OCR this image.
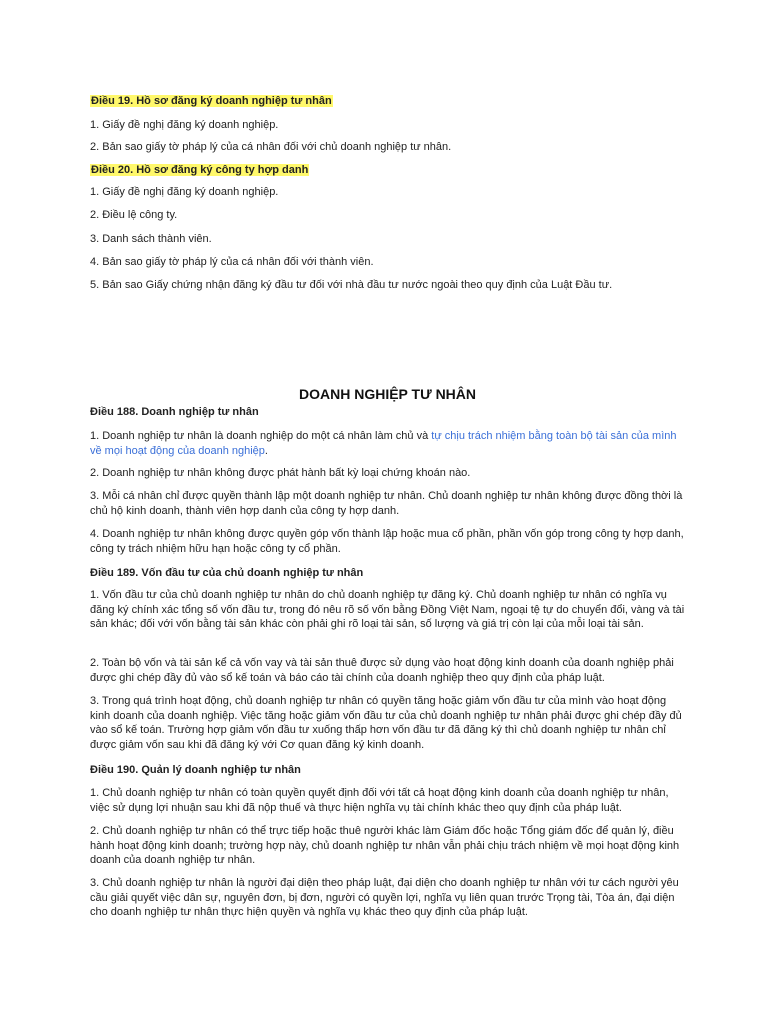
Điều 19. Hồ sơ đăng ký doanh nghiệp tư nhân
1. Giấy đề nghị đăng ký doanh nghiệp.
2. Bản sao giấy tờ pháp lý của cá nhân đối với chủ doanh nghiệp tư nhân.
Điều 20. Hồ sơ đăng ký công ty hợp danh
1. Giấy đề nghị đăng ký doanh nghiệp.
2. Điều lệ công ty.
3. Danh sách thành viên.
4. Bản sao giấy tờ pháp lý của cá nhân đối với thành viên.
5. Bản sao Giấy chứng nhận đăng ký đầu tư đối với nhà đầu tư nước ngoài theo quy định của Luật Đầu tư.
DOANH NGHIỆP TƯ NHÂN
Điều 188. Doanh nghiệp tư nhân
1. Doanh nghiệp tư nhân là doanh nghiệp do một cá nhân làm chủ và tự chịu trách nhiệm bằng toàn bộ tài sản của mình về mọi hoạt động của doanh nghiệp.
2. Doanh nghiệp tư nhân không được phát hành bất kỳ loại chứng khoán nào.
3. Mỗi cá nhân chỉ được quyền thành lập một doanh nghiệp tư nhân. Chủ doanh nghiệp tư nhân không được đồng thời là chủ hộ kinh doanh, thành viên hợp danh của công ty hợp danh.
4. Doanh nghiệp tư nhân không được quyền góp vốn thành lập hoặc mua cổ phần, phần vốn góp trong công ty hợp danh, công ty trách nhiệm hữu hạn hoặc công ty cổ phần.
Điều 189. Vốn đầu tư của chủ doanh nghiệp tư nhân
1. Vốn đầu tư của chủ doanh nghiệp tư nhân do chủ doanh nghiệp tự đăng ký. Chủ doanh nghiệp tư nhân có nghĩa vụ đăng ký chính xác tổng số vốn đầu tư, trong đó nêu rõ số vốn bằng Đồng Việt Nam, ngoại tệ tự do chuyển đổi, vàng và tài sản khác; đối với vốn bằng tài sản khác còn phải ghi rõ loại tài sản, số lượng và giá trị còn lại của mỗi loại tài sản.
2. Toàn bộ vốn và tài sản kể cả vốn vay và tài sản thuê được sử dụng vào hoạt động kinh doanh của doanh nghiệp phải được ghi chép đầy đủ vào sổ kế toán và báo cáo tài chính của doanh nghiệp theo quy định của pháp luật.
3. Trong quá trình hoạt động, chủ doanh nghiệp tư nhân có quyền tăng hoặc giảm vốn đầu tư của mình vào hoạt động kinh doanh của doanh nghiệp. Việc tăng hoặc giảm vốn đầu tư của chủ doanh nghiệp tư nhân phải được ghi chép đầy đủ vào sổ kế toán. Trường hợp giảm vốn đầu tư xuống thấp hơn vốn đầu tư đã đăng ký thì chủ doanh nghiệp tư nhân chỉ được giảm vốn sau khi đã đăng ký với Cơ quan đăng ký kinh doanh.
Điều 190. Quản lý doanh nghiệp tư nhân
1. Chủ doanh nghiệp tư nhân có toàn quyền quyết định đối với tất cả hoạt động kinh doanh của doanh nghiệp tư nhân, việc sử dụng lợi nhuận sau khi đã nộp thuế và thực hiện nghĩa vụ tài chính khác theo quy định của pháp luật.
2. Chủ doanh nghiệp tư nhân có thể trực tiếp hoặc thuê người khác làm Giám đốc hoặc Tổng giám đốc để quản lý, điều hành hoạt động kinh doanh; trường hợp này, chủ doanh nghiệp tư nhân vẫn phải chịu trách nhiệm về mọi hoạt động kinh doanh của doanh nghiệp tư nhân.
3. Chủ doanh nghiệp tư nhân là người đại diện theo pháp luật, đại diện cho doanh nghiệp tư nhân với tư cách người yêu cầu giải quyết việc dân sự, nguyên đơn, bị đơn, người có quyền lợi, nghĩa vụ liên quan trước Trọng tài, Tòa án, đại diện cho doanh nghiệp tư nhân thực hiện quyền và nghĩa vụ khác theo quy định của pháp luật.
